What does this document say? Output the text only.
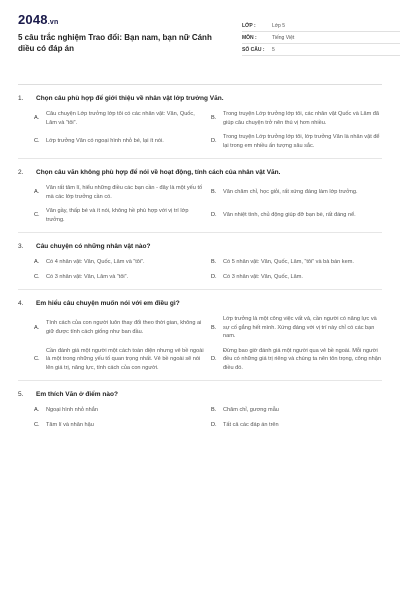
2048.vn
5 câu trắc nghiệm Trao đổi: Bạn nam, bạn nữ Cánh diều có đáp án
LỚP :	Lớp 5
MÔN :	Tiếng Việt
SỐ CÂU :	5
1. Chọn câu phù hợp để giới thiệu về nhân vật lớp trưởng Văn.
A.
Câu chuyện Lớp trưởng lớp tôi có các nhân vật: Văn, Quốc, Lâm và “tôi”.
B.
Trong truyện Lớp trưởng lớp tôi, các nhân vật Quốc và Lâm đã giúp câu chuyện trở nên thú vị hơn nhiều.
C.	Lớp trưởng Văn có ngoại hình nhỏ bé, lại ít nói.	D.
Trong truyện Lớp trưởng lớp tôi, lớp trưởng Văn là nhân vật để lại trong em nhiều ấn tượng sâu sắc.
2. Chọn câu văn không phù hợp để nói về hoạt động, tính cách của nhân vật Văn.
A.
Văn rất tâm lí, hiểu những điều các bạn cần - đây là một yếu tố mà các lớp trưởng cần có.
B.	Văn chăm chỉ, học giỏi, rất xứng đáng làm lớp trưởng.
C.
Văn gầy, thấp bé và ít nói, không hề phù hợp với vị trí lớp trưởng.
D.	Văn nhiệt tình, chủ động giúp đỡ bạn bè, rất đáng nể.
3. Câu chuyện có những nhân vật nào?
A.	Có 4 nhân vật: Văn, Quốc, Lâm và “tôi”.	B.	Có 5 nhân vật: Văn, Quốc, Lâm, “tôi” và bà bán kem.
C.	Có 3 nhân vật: Văn, Lâm và “tôi”.	D.	Có 3 nhân vật: Văn, Quốc, Lâm.
4. Em hiểu câu chuyện muốn nói với em điều gì?
A.
Tính cách của con người luôn thay đổi theo thời gian, không ai giữ được tính cách giống như ban đầu.
B.
Lớp trưởng là một công việc vất vả, cần người có năng lực và sự cố gắng hết mình. Xứng đáng với vị trí này chỉ có các bạn nam.
C.
Cần đánh giá một người một cách toàn diện nhưng vẻ bề ngoài là một trong những yếu tố quan trọng nhất. Vẻ bề ngoài sẽ nói lên giá trị, năng lực, tính cách của con người.
D.
Đừng bao giờ đánh giá một người qua vẻ bề ngoài. Mỗi người đều có những giá trị riêng và chúng ta nên tôn trọng, công nhận điều đó.
5. Em thích Văn ở điểm nào?
A.	Ngoại hình nhỏ nhắn	B.	Chăm chỉ, gương mẫu
C.	Tâm lí và nhân hậu	D.	Tất cả các đáp án trên
